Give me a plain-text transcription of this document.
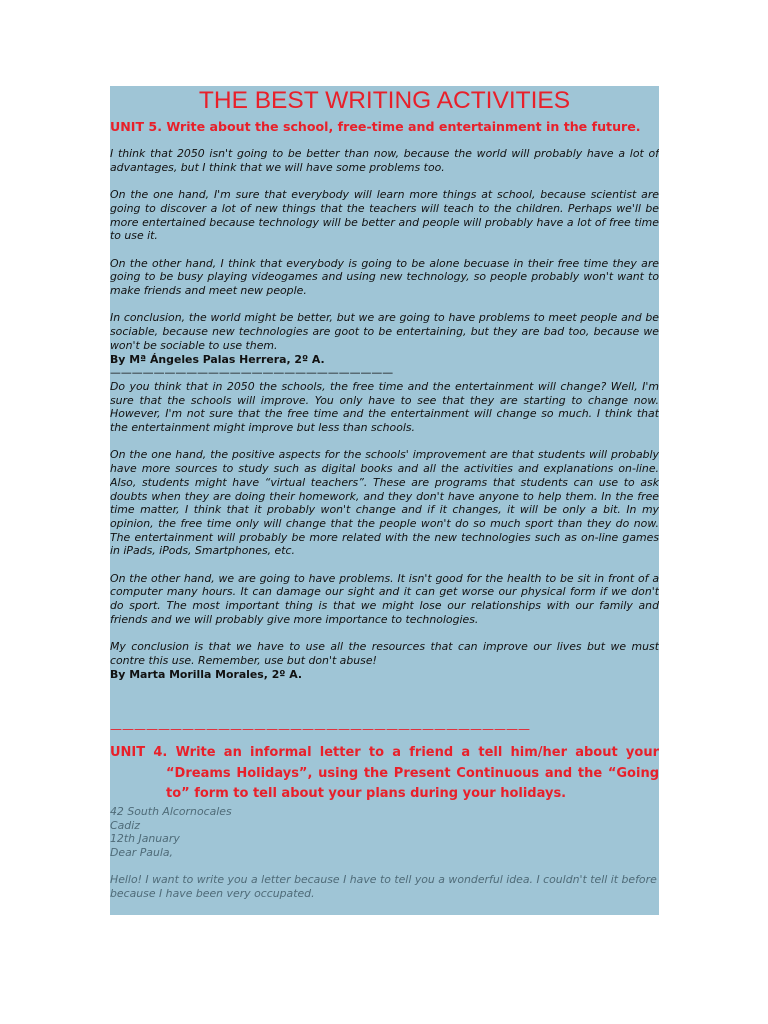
THE BEST WRITING ACTIVITIES
UNIT 5. Write about the school, free-time and entertainment in the future.

I think that 2050 isn't going to be better than now, because the world will probably have a lot of advantages, but I think that we will have some problems too.

On the one hand, I'm sure that everybody will learn more things at school, because scientist are going to discover a lot of new things that the teachers will teach to the children. Perhaps we'll be more entertained because technology will be better and people will probably have a lot of free time to use it.

On the other hand, I think that everybody is going to be alone becuase in their free time they are going to be busy playing videogames and using new technology, so people probably won't want to make friends and meet new people.

In conclusion, the world might be better, but we are going to have problems to meet people and be sociable, because new technologies are goot to be entertaining, but they are bad too, because we won't be sociable to use them.

By Mª Ángeles Palas Herrera, 2º A.
——————————————————————————

Do you think that in 2050 the schools, the free time and the entertainment will change? Well, I'm sure that the schools will improve. You only have to see that they are starting to change now. However, I'm not sure that the free time and the entertainment will change so much. I think that the entertainment might improve but less than schools.

On the one hand, the positive aspects for the schools' improvement are that students will probably have more sources to study such as digital books and all the activities and explanations on-line. Also, students might have “virtual teachers”. These are programs that students can use to ask doubts when they are doing their homework, and they don't have anyone to help them. In the free time matter, I think that it probably won't change and if it changes, it will be only a bit. In my opinion, the free time only will change that the people won't do so much sport than they do now. The entertainment will probably be more related with the new technologies such as on-line games in iPads, iPods, Smartphones, etc.

On the other hand, we are going to have problems. It isn't good for the health to be sit in front of a computer many hours. It can damage our sight and it can get worse our physical form if we don't do sport. The most important thing is that we might lose our relationships with our family and friends and we will probably give more importance to technologies.

My conclusion is that we have to use all the resources that can improve our lives but we must contre this use. Remember, use but don't abuse!

By Marta Morilla Morales, 2º A.
———————————————————————————————————
UNIT 4. Write an informal letter to a friend a tell him/her about your
“Dreams Holidays”, using the Present Continuous and the “Going
to” form to tell about your plans during your holidays.
42 South Alcornocales
Cadiz
12th January
Dear Paula,
Hello! I want to write you a letter because I have to tell you a wonderful idea. I couldn't tell it before because I have been very occupated.
